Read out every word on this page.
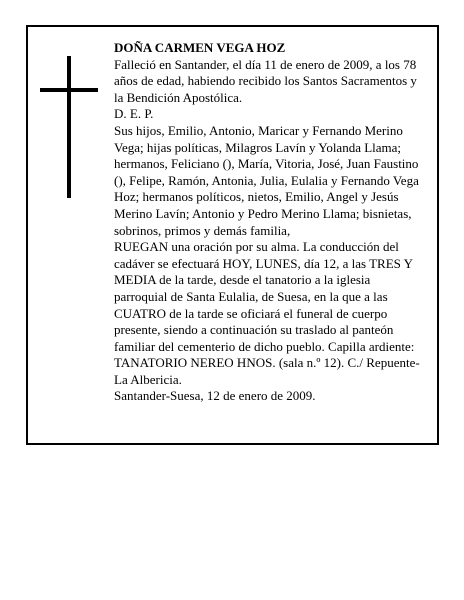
DOÑA CARMEN VEGA HOZ

Falleció en Santander, el día 11 de enero de 2009, a los 78 años de edad, habiendo recibido los Santos Sacramentos y la Bendición Apostólica.

D. E. P.

Sus hijos, Emilio, Antonio, Maricar y Fernando Merino Vega; hijas políticas, Milagros Lavín y Yolanda Llama; hermanos, Feliciano (), María, Vitoria, José, Juan Faustino (), Felipe, Ramón, Antonia, Julia, Eulalia y Fernando Vega Hoz; hermanos políticos, nietos, Emilio, Angel y Jesús Merino Lavín; Antonio y Pedro Merino Llama; bisnietas, sobrinos, primos y demás familia,

RUEGAN una oración por su alma. La conducción del cadáver se efectuará HOY, LUNES, día 12, a las TRES Y MEDIA de la tarde, desde el tanatorio a la iglesia parroquial de Santa Eulalia, de Suesa, en la que a las CUATRO de la tarde se oficiará el funeral de cuerpo presente, siendo a continuación su traslado al panteón familiar del cementerio de dicho pueblo. Capilla ardiente: TANATORIO NEREO HNOS. (sala n.º 12). C./ Repuente-La Albericia.

Santander-Suesa, 12 de enero de 2009.
